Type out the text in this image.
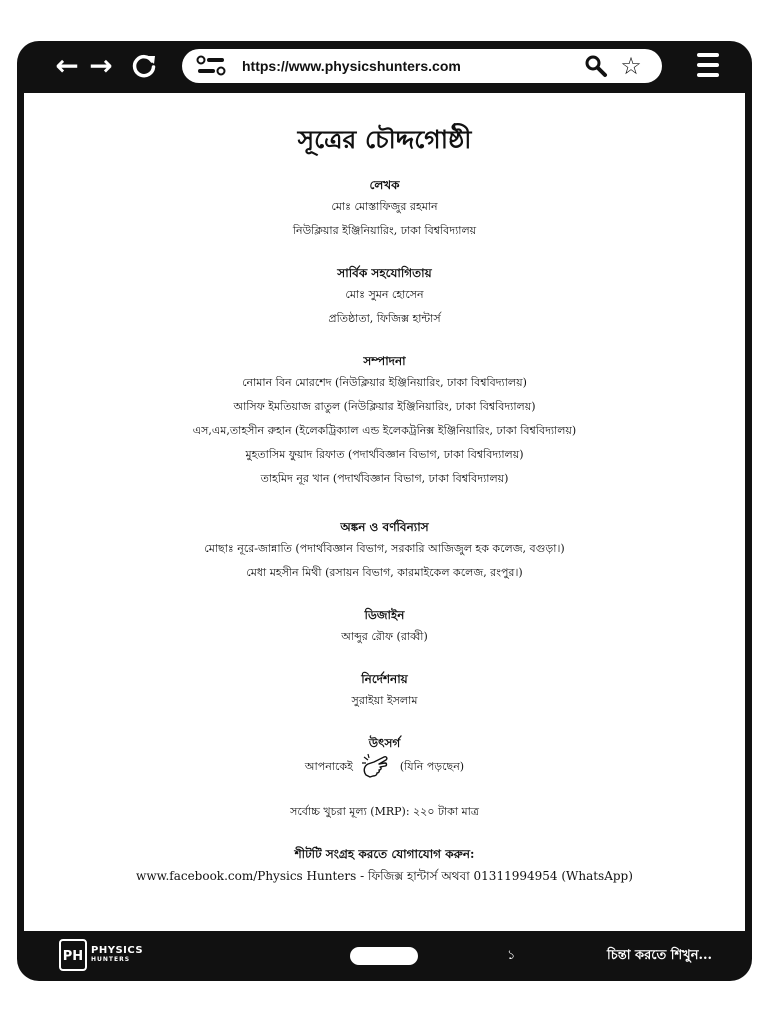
← →	https://www.physicshunters.com	☆
সূত্রের চৌদ্দগোষ্ঠী
লেখক
মোঃ মোস্তাফিজুর রহমান
নিউক্লিয়ার ইঞ্জিনিয়ারিং, ঢাকা বিশ্ববিদ্যালয়
সার্বিক সহযোগিতায়
মোঃ সুমন হোসেন
প্রতিষ্ঠাতা, ফিজিক্স হান্টার্স
সম্পাদনা
নোমান বিন মোরশেদ (নিউক্লিয়ার ইঞ্জিনিয়ারিং, ঢাকা বিশ্ববিদ্যালয়)
আসিফ ইমতিয়াজ রাতুল (নিউক্লিয়ার ইঞ্জিনিয়ারিং, ঢাকা বিশ্ববিদ্যালয়)
এস,এম,তাহসীন রুহান (ইলেকট্রিক্যাল এন্ড ইলেকট্রনিক্স ইঞ্জিনিয়ারিং, ঢাকা বিশ্ববিদ্যালয়)
মুহতাসিম ফুয়াদ রিফাত (পদার্থবিজ্ঞান বিভাগ, ঢাকা বিশ্ববিদ্যালয়)
তাহমিদ নূর খান (পদার্থবিজ্ঞান বিভাগ, ঢাকা বিশ্ববিদ্যালয়)
অঙ্কন ও বর্ণবিন্যাস
মোছাঃ নূরে-জান্নাতি (পদার্থবিজ্ঞান বিভাগ, সরকারি আজিজুল হক কলেজ, বগুড়া।)
মেধা মহসীন মিথী (রসায়ন বিভাগ, কারমাইকেল কলেজ, রংপুর।)
ডিজাইন
আব্দুর রৌফ (রাব্বী)
নির্দেশনায়
সুরাইয়া ইসলাম
উৎসর্গ
আপনাকেই	(যিনি পড়ছেন)
সর্বোচ্চ খুচরা মূল্য (MRP): ২২০ টাকা মাত্র
শীটটি সংগ্রহ করতে যোগাযোগ করুন:
www.facebook.com/Physics Hunters - ফিজিক্স হান্টার্স অথবা 01311994954 (WhatsApp)
PH PHYSICS
HUNTERS	১	চিন্তা করতে শিখুন...
